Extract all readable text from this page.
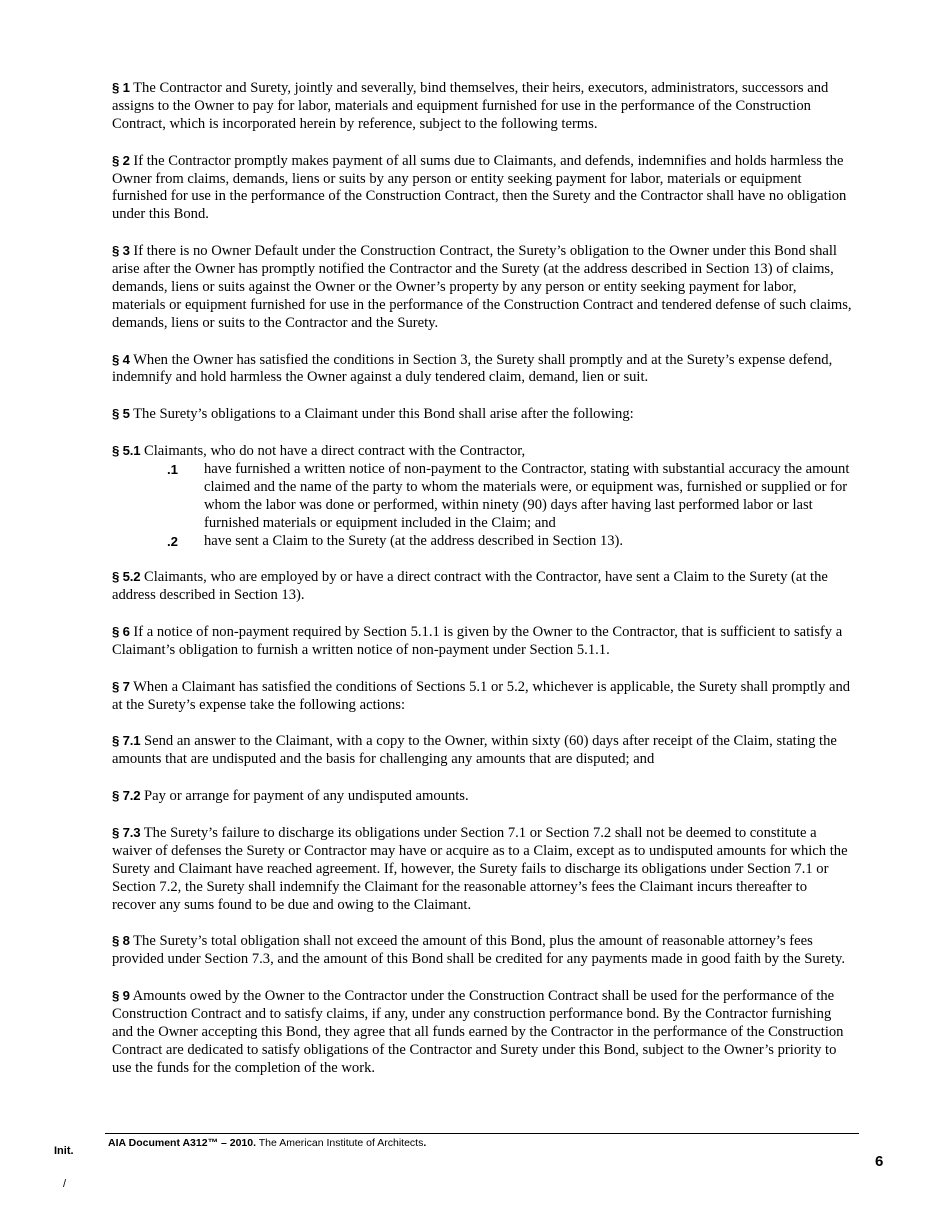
§ 1 The Contractor and Surety, jointly and severally, bind themselves, their heirs, executors, administrators, successors and assigns to the Owner to pay for labor, materials and equipment furnished for use in the performance of the Construction Contract, which is incorporated herein by reference, subject to the following terms.

§ 2 If the Contractor promptly makes payment of all sums due to Claimants, and defends, indemnifies and holds harmless the Owner from claims, demands, liens or suits by any person or entity seeking payment for labor, materials or equipment furnished for use in the performance of the Construction Contract, then the Surety and the Contractor shall have no obligation under this Bond.

§ 3 If there is no Owner Default under the Construction Contract, the Surety’s obligation to the Owner under this Bond shall arise after the Owner has promptly notified the Contractor and the Surety (at the address described in Section 13) of claims, demands, liens or suits against the Owner or the Owner’s property by any person or entity seeking payment for labor, materials or equipment furnished for use in the performance of the Construction Contract and tendered defense of such claims, demands, liens or suits to the Contractor and the Surety.

§ 4 When the Owner has satisfied the conditions in Section 3, the Surety shall promptly and at the Surety’s expense defend, indemnify and hold harmless the Owner against a duly tendered claim, demand, lien or suit.

§ 5 The Surety’s obligations to a Claimant under this Bond shall arise after the following:

§ 5.1 Claimants, who do not have a direct contract with the Contractor,

.1	have furnished a written notice of non-payment to the Contractor, stating with substantial accuracy the amount claimed and the name of the party to whom the materials were, or equipment was, furnished or supplied or for whom the labor was done or performed, within ninety (90) days after having last performed labor or last furnished materials or equipment included in the Claim; and
.2	have sent a Claim to the Surety (at the address described in Section 13).

§ 5.2 Claimants, who are employed by or have a direct contract with the Contractor, have sent a Claim to the Surety (at the address described in Section 13).

§ 6 If a notice of non-payment required by Section 5.1.1 is given by the Owner to the Contractor, that is sufficient to satisfy a Claimant’s obligation to furnish a written notice of non-payment under Section 5.1.1.

§ 7 When a Claimant has satisfied the conditions of Sections 5.1 or 5.2, whichever is applicable, the Surety shall promptly and at the Surety’s expense take the following actions:

§ 7.1 Send an answer to the Claimant, with a copy to the Owner, within sixty (60) days after receipt of the Claim, stating the amounts that are undisputed and the basis for challenging any amounts that are disputed; and

§ 7.2 Pay or arrange for payment of any undisputed amounts.

§ 7.3 The Surety’s failure to discharge its obligations under Section 7.1 or Section 7.2 shall not be deemed to constitute a waiver of defenses the Surety or Contractor may have or acquire as to a Claim, except as to undisputed amounts for which the Surety and Claimant have reached agreement. If, however, the Surety fails to discharge its obligations under Section 7.1 or Section 7.2, the Surety shall indemnify the Claimant for the reasonable attorney’s fees the Claimant incurs thereafter to recover any sums found to be due and owing to the Claimant.

§ 8 The Surety’s total obligation shall not exceed the amount of this Bond, plus the amount of reasonable attorney’s fees provided under Section 7.3, and the amount of this Bond shall be credited for any payments made in good faith by the Surety.

§ 9 Amounts owed by the Owner to the Contractor under the Construction Contract shall be used for the performance of the Construction Contract and to satisfy claims, if any, under any construction performance bond. By the Contractor furnishing and the Owner accepting this Bond, they agree that all funds earned by the Contractor in the performance of the Construction Contract are dedicated to satisfy obligations of the Contractor and Surety under this Bond, subject to the Owner’s priority to use the funds for the completion of the work.

AIA Document A312™ – 2010. The American Institute of Architects.
Init.
/
6
